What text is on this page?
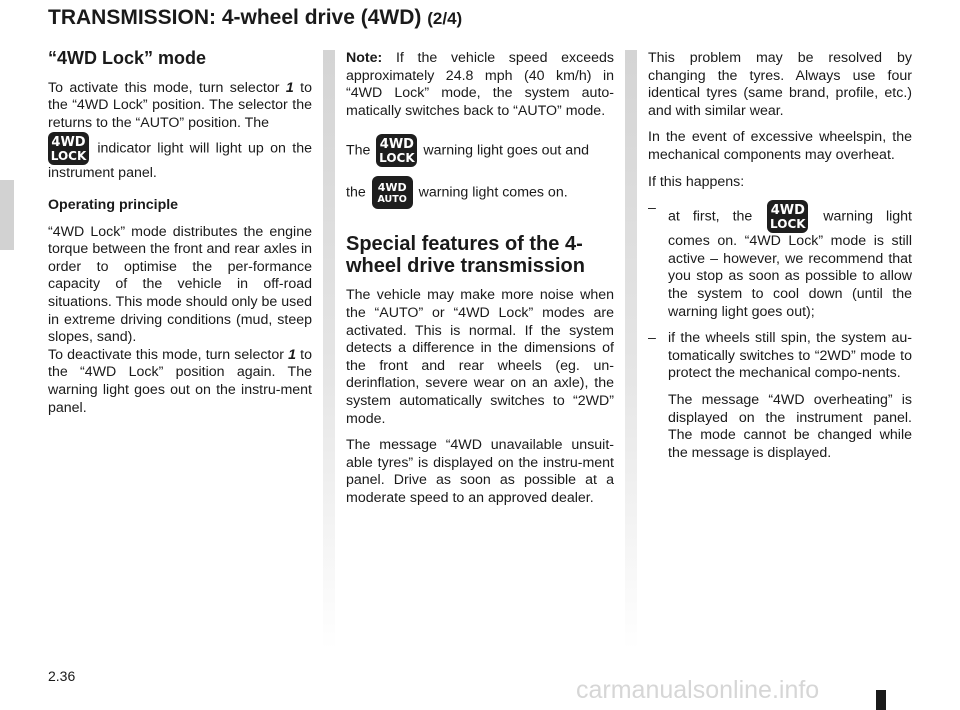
TRANSMISSION: 4-wheel drive (4WD) (2/4)
“4WD Lock” mode

To activate this mode, turn selector 1 to the “4WD Lock” position. The selector the returns to the “AUTO” position. The

4WD
LOCK indicator light will light up on the instrument panel.

Operating principle

“4WD Lock” mode distributes the engine torque between the front and rear axles in order to optimise the per-formance capacity of the vehicle in off-road situations. This mode should only be used in extreme driving conditions (mud, steep slopes, sand).

To deactivate this mode, turn selector 1 to the “4WD Lock” position again. The warning light goes out on the instru-ment panel.

Note: If the vehicle speed exceeds approximately 24.8 mph (40 km/h) in “4WD Lock” mode, the system auto-matically switches back to “AUTO” mode.

The 4WD
LOCK warning light goes out and

the 4WD
AUTO warning light comes on.

Special features of the 4-wheel drive transmission

The vehicle may make more noise when the “AUTO” or “4WD Lock” modes are activated. This is normal. If the system detects a difference in the dimensions of the front and rear wheels (eg. un-derinflation, severe wear on an axle), the system automatically switches to “2WD” mode.

The message “4WD unavailable unsuit-able tyres” is displayed on the instru-ment panel. Drive as soon as possible at a moderate speed to an approved dealer.

This problem may be resolved by changing the tyres. Always use four identical tyres (same brand, profile, etc.) and with similar wear.

In the event of excessive wheelspin, the mechanical components may overheat.

If this happens:

–
at first, the 4WD
LOCK warning light comes on. “4WD Lock” mode is still active – however, we recommend that you stop as soon as possible to allow the system to cool down (until the warning light goes out);
– if the wheels still spin, the system au-tomatically switches to “2WD” mode to protect the mechanical compo-nents.

The message “4WD overheating” is displayed on the instrument panel. The mode cannot be changed while the message is displayed.

2.36	carmanualsonline.info
